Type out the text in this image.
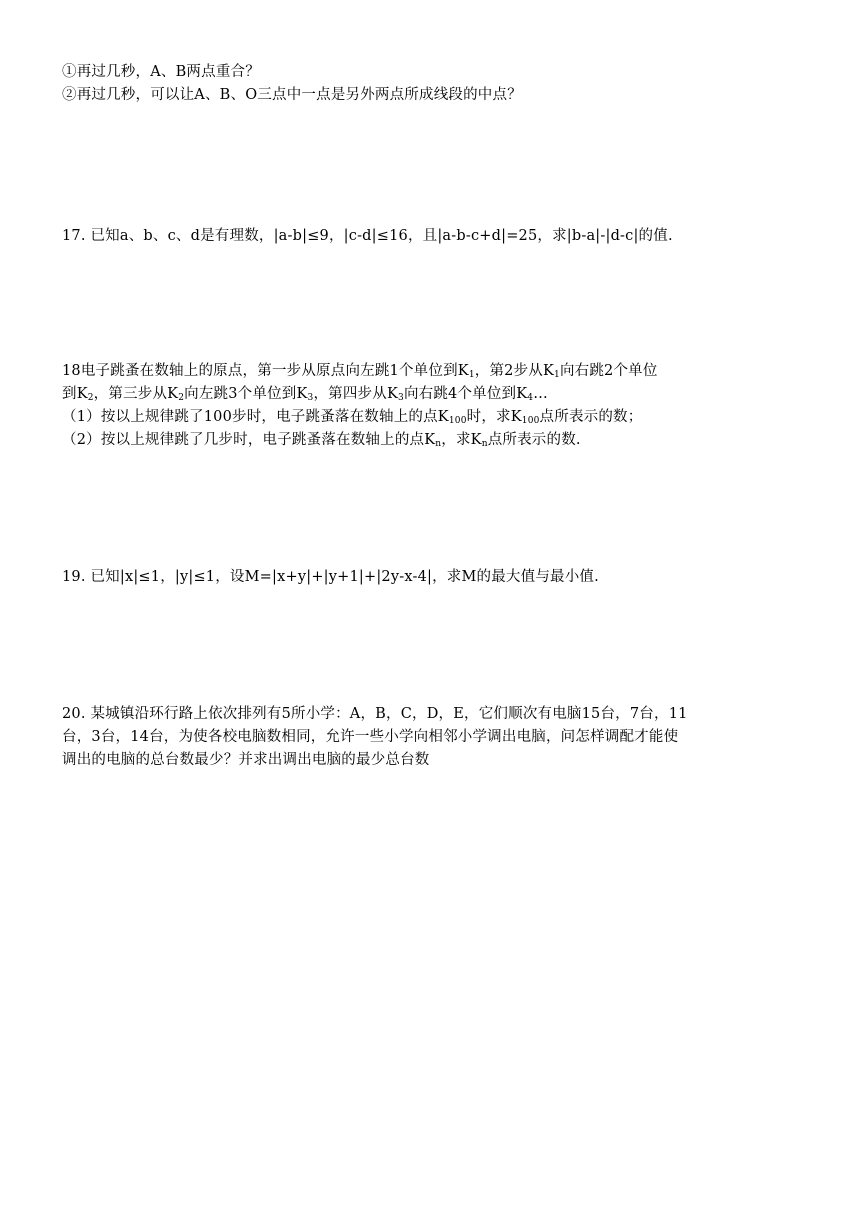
①再过几秒，A、B两点重合？
②再过几秒，可以让A、B、O三点中一点是另外两点所成线段的中点？
17. 已知a、b、c、d是有理数，|a-b|≤9，|c-d|≤16，且|a-b-c+d|=25，求|b-a|-|d-c|的值.
18电子跳蚤在数轴上的原点，第一步从原点向左跳1个单位到$K_1$，第2步从$K_1$向右跳2个单位
到$K_2$，第三步从$K_2$向左跳3个单位到$K_3$，第四步从$K_3$向右跳4个单位到$K_4\dots$
（1）按以上规律跳了100步时，电子跳蚤落在数轴上的点$K_{100}$时，求$K_{100}$点所表示的数；
（2）按以上规律跳了几步时，电子跳蚤落在数轴上的点$K_n$，求$K_n$点所表示的数.
19. 已知|x|≤1，|y|≤1，设M=|x+y|+|y+1|+|2y-x-4|，求M的最大值与最小值.
20. 某城镇沿环行路上依次排列有5所小学：A，B，C，D，E，它们顺次有电脑15台，7台，11
台，3台，14台，为使各校电脑数相同，允许一些小学向相邻小学调出电脑，问怎样调配才能使
调出的电脑的总台数最少？并求出调出电脑的最少总台数
